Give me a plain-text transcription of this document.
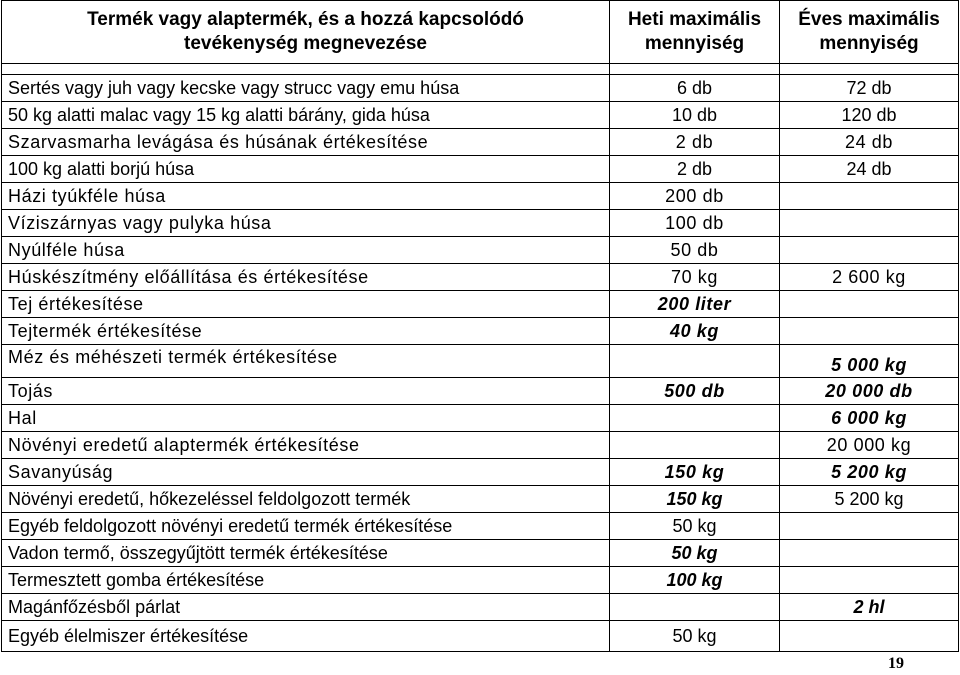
Termék vagy alaptermék, és a hozzá kapcsolódó tevékenység megnevezése	Heti maximális mennyiség	Éves maximális mennyiség

Sertés vagy juh vagy kecske vagy strucc vagy emu húsa	6 db	72 db
50 kg alatti malac vagy 15 kg alatti bárány, gida húsa	10 db	120 db
Szarvasmarha levágása és húsának értékesítése	2 db	24 db
100 kg alatti borjú húsa	2 db	24 db
Házi tyúkféle húsa	200 db	
Víziszárnyas vagy pulyka húsa	100 db	
Nyúlféle húsa	50 db	
Húskészítmény előállítása és értékesítése	70 kg	2 600 kg
Tej értékesítése	200 liter	
Tejtermék értékesítése	40 kg	
Méz és méhészeti termék értékesítése		5 000 kg
Tojás	500 db	20 000 db
Hal		6 000 kg
Növényi eredetű alaptermék értékesítése		20 000 kg
Savanyúság	150 kg	5 200 kg
Növényi eredetű, hőkezeléssel feldolgozott termék	150 kg	5 200 kg
Egyéb feldolgozott növényi eredetű termék értékesítése	50 kg	
Vadon termő, összegyűjtött termék értékesítése	50 kg	
Termesztett gomba értékesítése	100 kg	
Magánfőzésből párlat		2 hl
Egyéb élelmiszer értékesítése	50 kg	
19
